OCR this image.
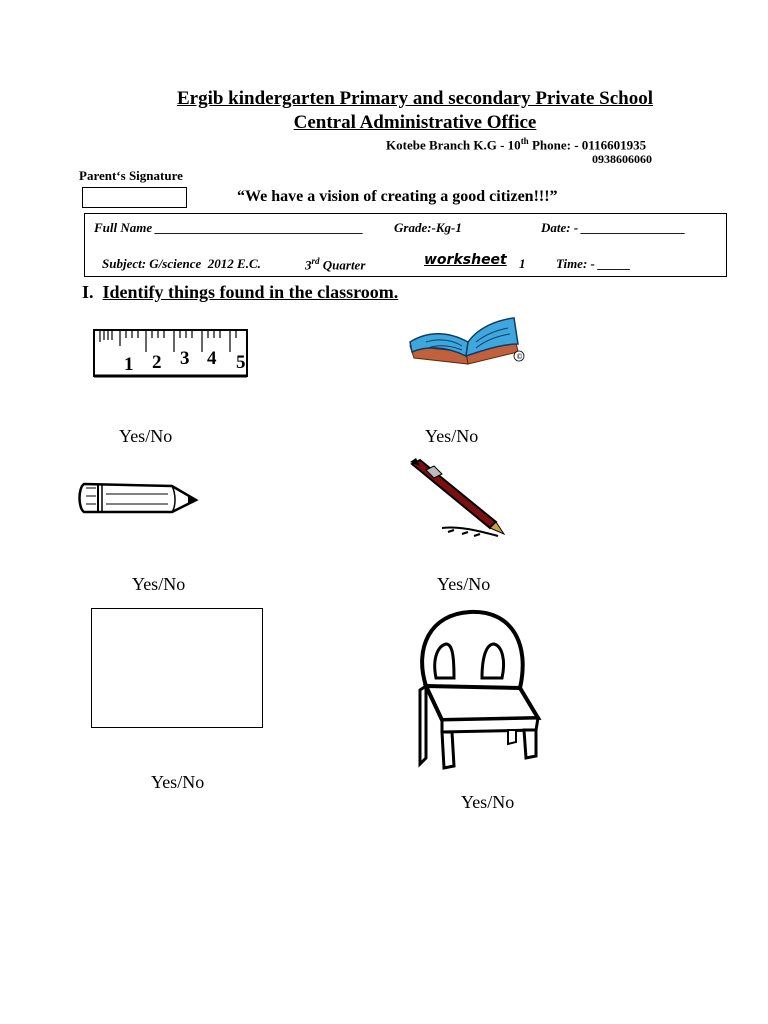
Ergib kindergarten Primary and secondary Private School
Central Administrative Office
Kotebe Branch K.G - 10th Phone: - 0116601935
0938606060
Parent‘s Signature
“We have a vision of creating a good citizen!!!”
Full Name ________________________________ Grade:-Kg-1	Date: - ________________
Subject: G/science  2012 E.C.	3rd Quarter	worksheet 1 Time: - _____
I. Identify things found in the classroom.
1 2 3 4 5	©
Yes/No	Yes/No
Yes/No	Yes/No
Yes/No
Yes/No
